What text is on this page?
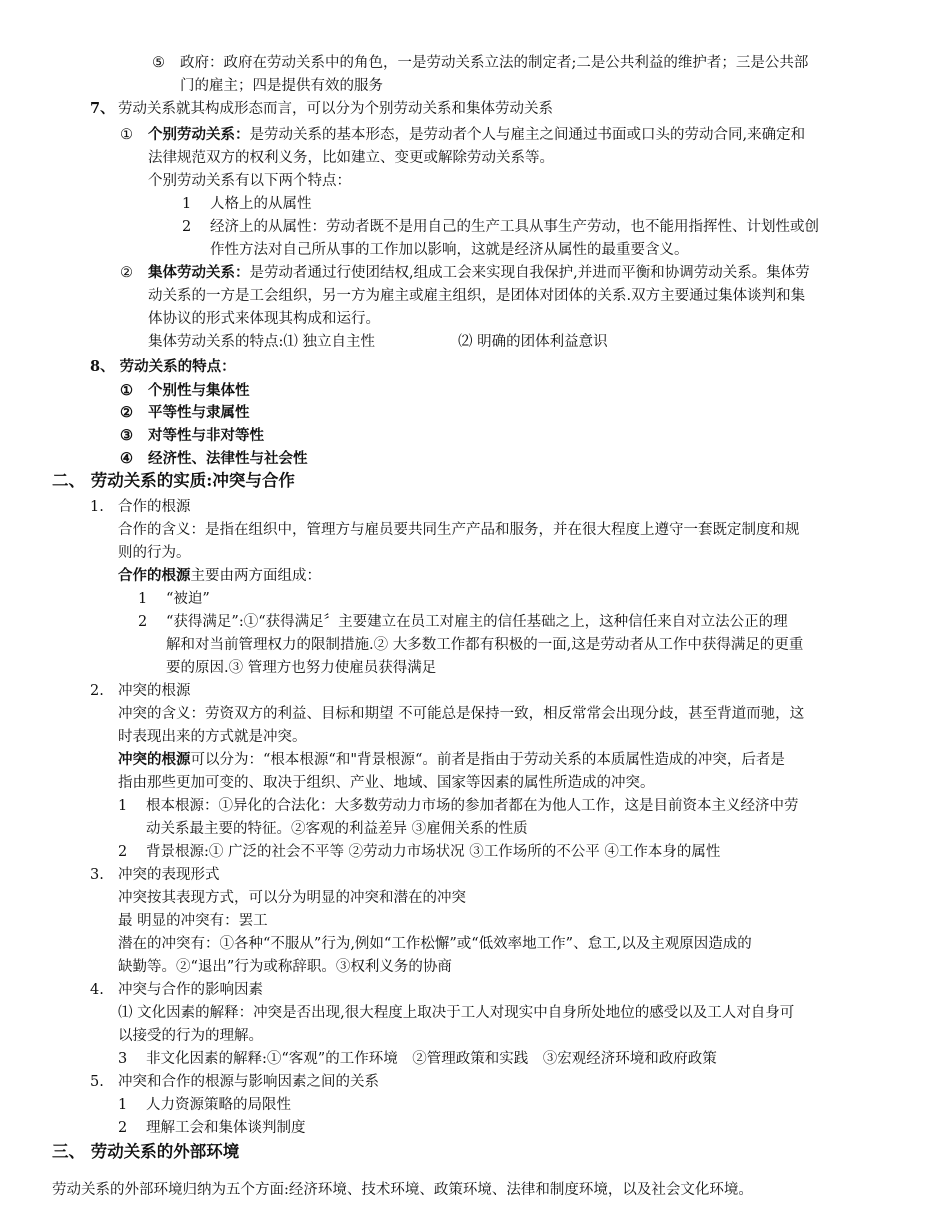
⑤ 政府：政府在劳动关系中的角色，一是劳动关系立法的制定者;二是公共利益的维护者；三是公共部
门的雇主；四是提供有效的服务
7、 劳动关系就其构成形态而言，可以分为个别劳动关系和集体劳动关系
① 个别劳动关系：是劳动关系的基本形态，是劳动者个人与雇主之间通过书面或口头的劳动合同,来确定和
法律规范双方的权利义务，比如建立、变更或解除劳动关系等。
个别劳动关系有以下两个特点：
1 人格上的从属性
2 经济上的从属性：劳动者既不是用自己的生产工具从事生产劳动，也不能用指挥性、计划性或创
作性方法对自己所从事的工作加以影响，这就是经济从属性的最重要含义。
② 集体劳动关系：是劳动者通过行使团结权,组成工会来实现自我保护,并进而平衡和协调劳动关系。集体劳
动关系的一方是工会组织，另一方为雇主或雇主组织，是团体对团体的关系.双方主要通过集体谈判和集
体协议的形式来体现其构成和运行。
集体劳动关系的特点:⑴ 独立自主性	⑵ 明确的团体利益意识
8、 劳动关系的特点：
① 个别性与集体性
② 平等性与隶属性
③ 对等性与非对等性
④ 经济性、法律性与社会性
二、 劳动关系的实质:冲突与合作
1. 合作的根源
合作的含义：是指在组织中，管理方与雇员要共同生产产品和服务，并在很大程度上遵守一套既定制度和规
则的行为。
合作的根源主要由两方面组成：
1 “被迫”
2 “获得满足”:①“获得满足〞主要建立在员工对雇主的信任基础之上，这种信任来自对立法公正的理
解和对当前管理权力的限制措施.② 大多数工作都有积极的一面,这是劳动者从工作中获得满足的更重
要的原因.③ 管理方也努力使雇员获得满足
2. 冲突的根源
冲突的含义：劳资双方的利益、目标和期望 不可能总是保持一致，相反常常会出现分歧，甚至背道而驰，这
时表现出来的方式就是冲突。
冲突的根源可以分为：“根本根源“和"背景根源“。前者是指由于劳动关系的本质属性造成的冲突，后者是
指由那些更加可变的、取决于组织、产业、地域、国家等因素的属性所造成的冲突。
1 根本根源：①异化的合法化：大多数劳动力市场的参加者都在为他人工作，这是目前资本主义经济中劳
动关系最主要的特征。②客观的利益差异 ③雇佣关系的性质
2 背景根源:① 广泛的社会不平等 ②劳动力市场状况 ③工作场所的不公平 ④工作本身的属性
3. 冲突的表现形式
冲突按其表现方式，可以分为明显的冲突和潜在的冲突
最 明显的冲突有：罢工
潜在的冲突有：①各种“不服从”行为,例如“工作松懈”或“低效率地工作”、怠工,以及主观原因造成的
缺勤等。②“退出”行为或称辞职。③权利义务的协商
4. 冲突与合作的影响因素
⑴ 文化因素的解释：冲突是否出现,很大程度上取决于工人对现实中自身所处地位的感受以及工人对自身可
以接受的行为的理解。
3 非文化因素的解释:①“客观”的工作环境　②管理政策和实践　③宏观经济环境和政府政策
5. 冲突和合作的根源与影响因素之间的关系
1 人力资源策略的局限性
2 理解工会和集体谈判制度
三、 劳动关系的外部环境
劳动关系的外部环境归纳为五个方面:经济环境、技术环境、政策环境、法律和制度环境，以及社会文化环境。
